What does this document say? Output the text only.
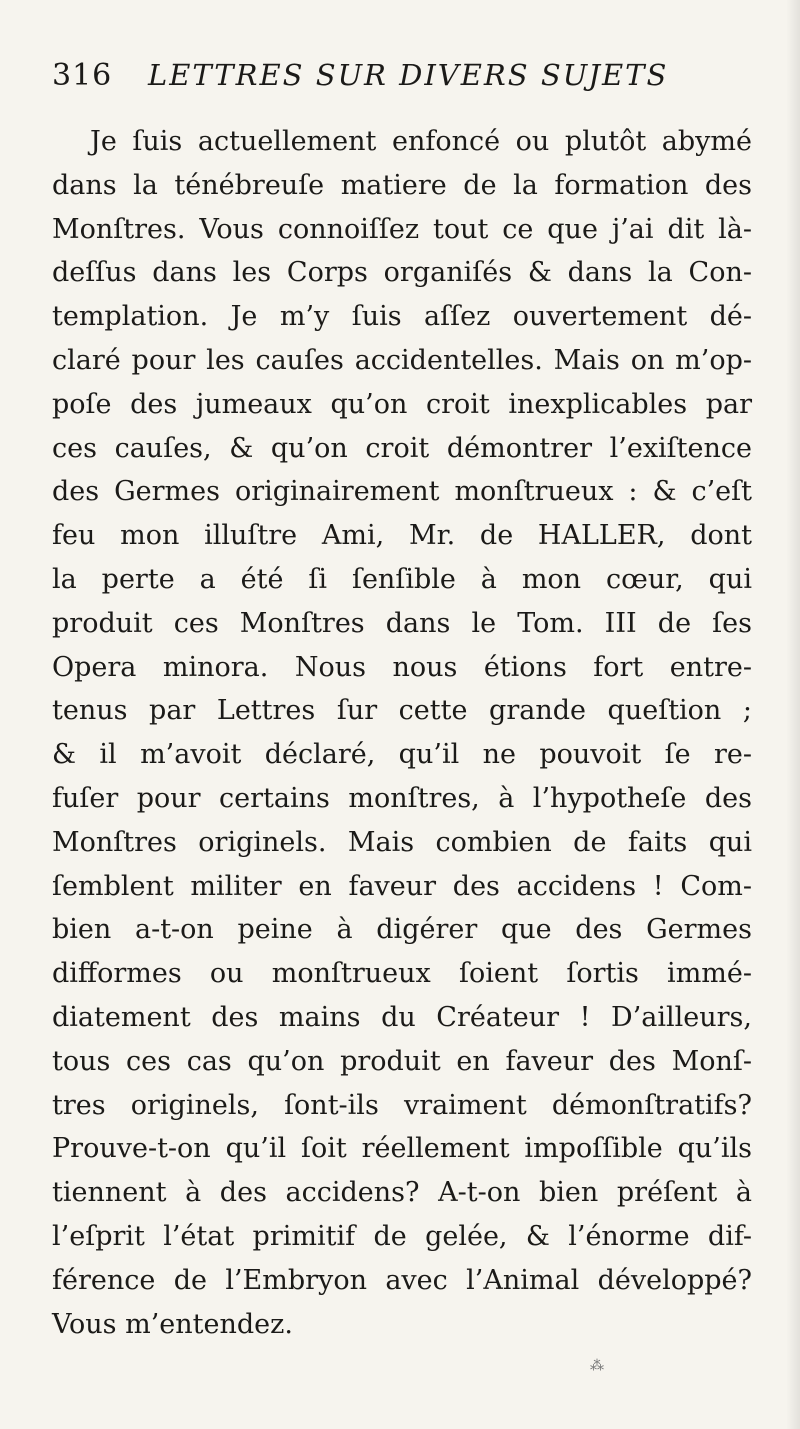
316 LETTRES SUR DIVERS SUJETS
Je ſuis actuellement enfoncé ou plutôt abymé
dans la ténébreuſe matiere de la formation des
Monſtres. Vous connoiſſez tout ce que j’ai dit là-
deſſus dans les Corps organiſés & dans la Con-
templation. Je m’y ſuis aſſez ouvertement dé-
claré pour les cauſes accidentelles. Mais on m’op-
poſe des jumeaux qu’on croit inexplicables par
ces cauſes, & qu’on croit démontrer l’exiſtence
des Germes originairement monſtrueux : & c’eſt
feu mon illuſtre Ami, Mr. de HALLER, dont
la perte a été ſi ſenſible à mon cœur, qui
produit ces Monſtres dans le Tom. III de ſes
Opera minora. Nous nous étions fort entre-
tenus par Lettres ſur cette grande queſtion ;
& il m’avoit déclaré, qu’il ne pouvoit ſe re-
fuſer pour certains monſtres, à l’hypotheſe des
Monſtres originels. Mais combien de faits qui
ſemblent militer en faveur des accidens ! Com-
bien a-t-on peine à digérer que des Germes
difformes ou monſtrueux ſoient ſortis immé-
diatement des mains du Créateur ! D’ailleurs,
tous ces cas qu’on produit en faveur des Monſ-
tres originels, ſont-ils vraiment démonſtratifs?
Prouve-t-on qu’il ſoit réellement impoſſible qu’ils
tiennent à des accidens? A-t-on bien préſent à
l’eſprit l’état primitif de gelée, & l’énorme dif-
férence de l’Embryon avec l’Animal développé?
Vous m’entendez.
⁂
